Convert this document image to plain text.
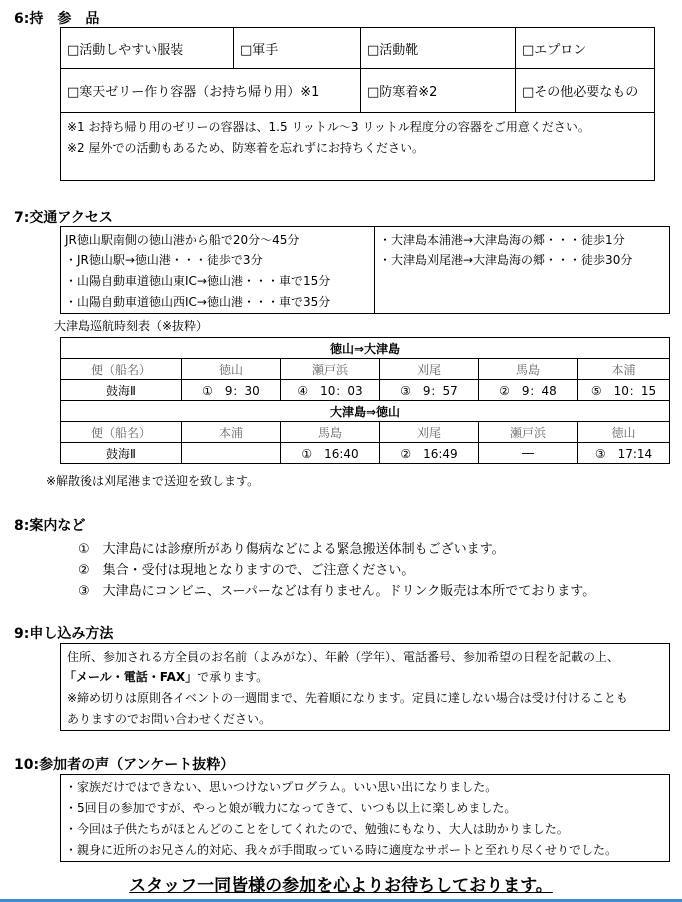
6:持　参　品
□活動しやすい服装	□軍手	□活動靴	□エプロン
□寒天ゼリー作り容器（お持ち帰り用）※1		□防寒着※2	□その他必要なもの

※1 お持ち帰り用のゼリーの容器は、1.5 リットル～3 リットル程度分の容器をご用意ください。
※2 屋外での活動もあるため、防寒着を忘れずにお持ちください。			
7:交通アクセス
JR徳山駅南側の徳山港から船で20分～45分
・JR徳山駅→徳山港・・・徒歩で3分
・山陽自動車道徳山東IC→徳山港・・・車で15分
・山陽自動車道徳山西IC→徳山港・・・車で35分
・大津島本浦港→大津島海の郷・・・徒歩1分
・大津島刈尾港→大津島海の郷・・・徒歩30分
大津島巡航時刻表（※抜粋）
徳山⇒大津島					
便（船名）	徳山	瀬戸浜	刈尾	馬島	本浦
鼓海Ⅱ	①　9：30	④　10：03	③　9：57	②　9：48	⑤　10：15
大津島⇒徳山					
便（船名）	本浦	馬島	刈尾	瀬戸浜	徳山
鼓海Ⅱ		①　16:40	②　16:49	―	③　17:14
※解散後は刈尾港まで送迎を致します。
8:案内など
①　大津島には診療所があり傷病などによる緊急搬送体制もございます。
②　集合・受付は現地となりますので、ご注意ください。
③　大津島にコンビニ、スーパーなどは有りません。ドリンク販売は本所でております。
9:申し込み方法
住所、参加される方全員のお名前（よみがな）、年齢（学年）、電話番号、参加希望の日程を記載の上、
「メール・電話・FAX」で承ります。
※締め切りは原則各イベントの一週間まで、先着順になります。定員に達しない場合は受け付けることも
ありますのでお問い合わせください。
10:参加者の声（アンケート抜粋）
・家族だけではできない、思いつけないプログラム。いい思い出になりました。
・5回目の参加ですが、やっと娘が戦力になってきて、いつも以上に楽しめました。
・今回は子供たちがほとんどのことをしてくれたので、勉強にもなり、大人は助かりました。
・親身に近所のお兄さん的対応、我々が手間取っている時に適度なサポートと至れり尽くせりでした。
スタッフ一同皆様の参加を心よりお待ちしております。
